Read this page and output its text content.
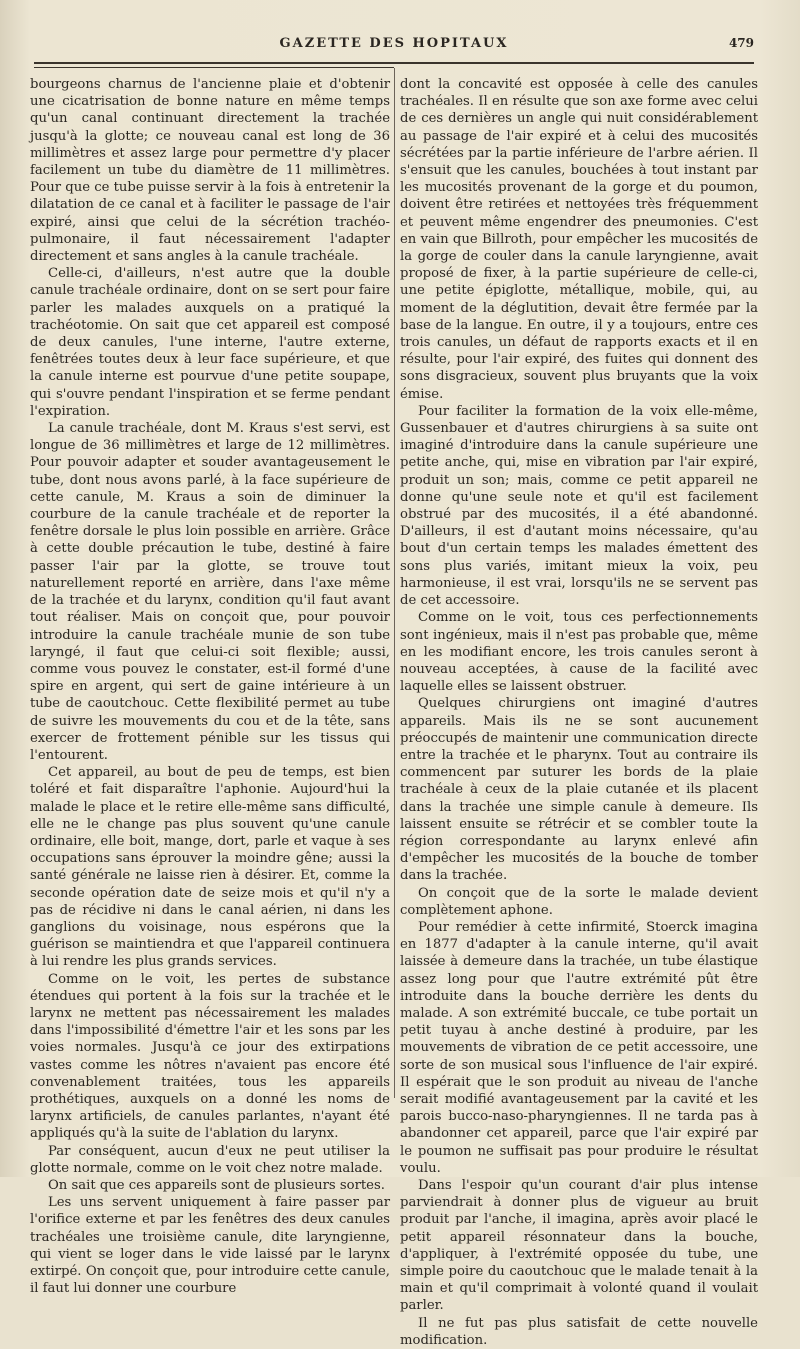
GAZETTE DES HOPITAUX	479

bourgeons charnus de l'ancienne plaie et d'obtenir une cicatrisation de bonne nature en même temps qu'un canal continuant directement la trachée jusqu'à la glotte; ce nouveau canal est long de 36 millimètres et assez large pour permettre d'y placer facilement un tube du diamètre de 11 millimètres. Pour que ce tube puisse servir à la fois à entretenir la dilatation de ce canal et à faciliter le passage de l'air expiré, ainsi que celui de la sécrétion trachéo-pulmonaire, il faut nécessairement l'adapter directement et sans angles à la canule trachéale.

Celle-ci, d'ailleurs, n'est autre que la double canule trachéale ordinaire, dont on se sert pour faire parler les malades auxquels on a pratiqué la trachéotomie. On sait que cet appareil est composé de deux canules, l'une interne, l'autre externe, fenêtrées toutes deux à leur face supérieure, et que la canule interne est pourvue d'une petite soupape, qui s'ouvre pendant l'inspiration et se ferme pendant l'expiration.

La canule trachéale, dont M. Kraus s'est servi, est longue de 36 millimètres et large de 12 millimètres. Pour pouvoir adapter et souder avantageusement le tube, dont nous avons parlé, à la face supérieure de cette canule, M. Kraus a soin de diminuer la courbure de la canule trachéale et de reporter la fenêtre dorsale le plus loin possible en arrière. Grâce à cette double précaution le tube, destiné à faire passer l'air par la glotte, se trouve tout naturellement reporté en arrière, dans l'axe même de la trachée et du larynx, condition qu'il faut avant tout réaliser. Mais on conçoit que, pour pouvoir introduire la canule trachéale munie de son tube laryngé, il faut que celui-ci soit flexible; aussi, comme vous pouvez le constater, est-il formé d'une spire en argent, qui sert de gaine intérieure à un tube de caoutchouc. Cette flexibilité permet au tube de suivre les mouvements du cou et de la tête, sans exercer de frottement pénible sur les tissus qui l'entourent.

Cet appareil, au bout de peu de temps, est bien toléré et fait disparaître l'aphonie. Aujourd'hui la malade le place et le retire elle-même sans difficulté, elle ne le change pas plus souvent qu'une canule ordinaire, elle boit, mange, dort, parle et vaque à ses occupations sans éprouver la moindre gêne; aussi la santé générale ne laisse rien à désirer. Et, comme la seconde opération date de seize mois et qu'il n'y a pas de récidive ni dans le canal aérien, ni dans les ganglions du voisinage, nous espérons que la guérison se maintiendra et que l'appareil continuera à lui rendre les plus grands services.

Comme on le voit, les pertes de substance étendues qui portent à la fois sur la trachée et le larynx ne mettent pas nécessairement les malades dans l'impossibilité d'émettre l'air et les sons par les voies normales. Jusqu'à ce jour des extirpations vastes comme les nôtres n'avaient pas encore été convenablement traitées, tous les appareils prothétiques, auxquels on a donné les noms de larynx artificiels, de canules parlantes, n'ayant été appliqués qu'à la suite de l'ablation du larynx.

Par conséquent, aucun d'eux ne peut utiliser la glotte normale, comme on le voit chez notre malade.

On sait que ces appareils sont de plusieurs sortes.

Les uns servent uniquement à faire passer par l'orifice externe et par les fenêtres des deux canules trachéales une troisième canule, dite laryngienne, qui vient se loger dans le vide laissé par le larynx extirpé. On conçoit que, pour introduire cette canule, il faut lui donner une courbure

dont la concavité est opposée à celle des canules trachéales. Il en résulte que son axe forme avec celui de ces dernières un angle qui nuit considérablement au passage de l'air expiré et à celui des mucosités sécrétées par la partie inférieure de l'arbre aérien. Il s'ensuit que les canules, bouchées à tout instant par les mucosités provenant de la gorge et du poumon, doivent être retirées et nettoyées très fréquemment et peuvent même engendrer des pneumonies. C'est en vain que Billroth, pour empêcher les mucosités de la gorge de couler dans la canule laryngienne, avait proposé de fixer, à la partie supérieure de celle-ci, une petite épiglotte, métallique, mobile, qui, au moment de la déglutition, devait être fermée par la base de la langue. En outre, il y a toujours, entre ces trois canules, un défaut de rapports exacts et il en résulte, pour l'air expiré, des fuites qui donnent des sons disgracieux, souvent plus bruyants que la voix émise.

Pour faciliter la formation de la voix elle-même, Gussenbauer et d'autres chirurgiens à sa suite ont imaginé d'introduire dans la canule supérieure une petite anche, qui, mise en vibration par l'air expiré, produit un son; mais, comme ce petit appareil ne donne qu'une seule note et qu'il est facilement obstrué par des mucosités, il a été abandonné. D'ailleurs, il est d'autant moins nécessaire, qu'au bout d'un certain temps les malades émettent des sons plus variés, imitant mieux la voix, peu harmonieuse, il est vrai, lorsqu'ils ne se servent pas de cet accessoire.

Comme on le voit, tous ces perfectionnements sont ingénieux, mais il n'est pas probable que, même en les modifiant encore, les trois canules seront à nouveau acceptées, à cause de la facilité avec laquelle elles se laissent obstruer.

Quelques chirurgiens ont imaginé d'autres appareils. Mais ils ne se sont aucunement préoccupés de maintenir une communication directe entre la trachée et le pharynx. Tout au contraire ils commencent par suturer les bords de la plaie trachéale à ceux de la plaie cutanée et ils placent dans la trachée une simple canule à demeure. Ils laissent ensuite se rétrécir et se combler toute la région correspondante au larynx enlevé afin d'empêcher les mucosités de la bouche de tomber dans la trachée.

On conçoit que de la sorte le malade devient complètement aphone.

Pour remédier à cette infirmité, Stoerck imagina en 1877 d'adapter à la canule interne, qu'il avait laissée à demeure dans la trachée, un tube élastique assez long pour que l'autre extrémité pût être introduite dans la bouche derrière les dents du malade. A son extrémité buccale, ce tube portait un petit tuyau à anche destiné à produire, par les mouvements de vibration de ce petit accessoire, une sorte de son musical sous l'influence de l'air expiré. Il espérait que le son produit au niveau de l'anche serait modifié avantageusement par la cavité et les parois bucco-naso-pharyngiennes. Il ne tarda pas à abandonner cet appareil, parce que l'air expiré par le poumon ne suffisait pas pour produire le résultat voulu.

Dans l'espoir qu'un courant d'air plus intense parviendrait à donner plus de vigueur au bruit produit par l'anche, il imagina, après avoir placé le petit appareil résonnateur dans la bouche, d'appliquer, à l'extrémité opposée du tube, une simple poire du caoutchouc que le malade tenait à la main et qu'il comprimait à volonté quand il voulait parler.

Il ne fut pas plus satisfait de cette nouvelle modification.
